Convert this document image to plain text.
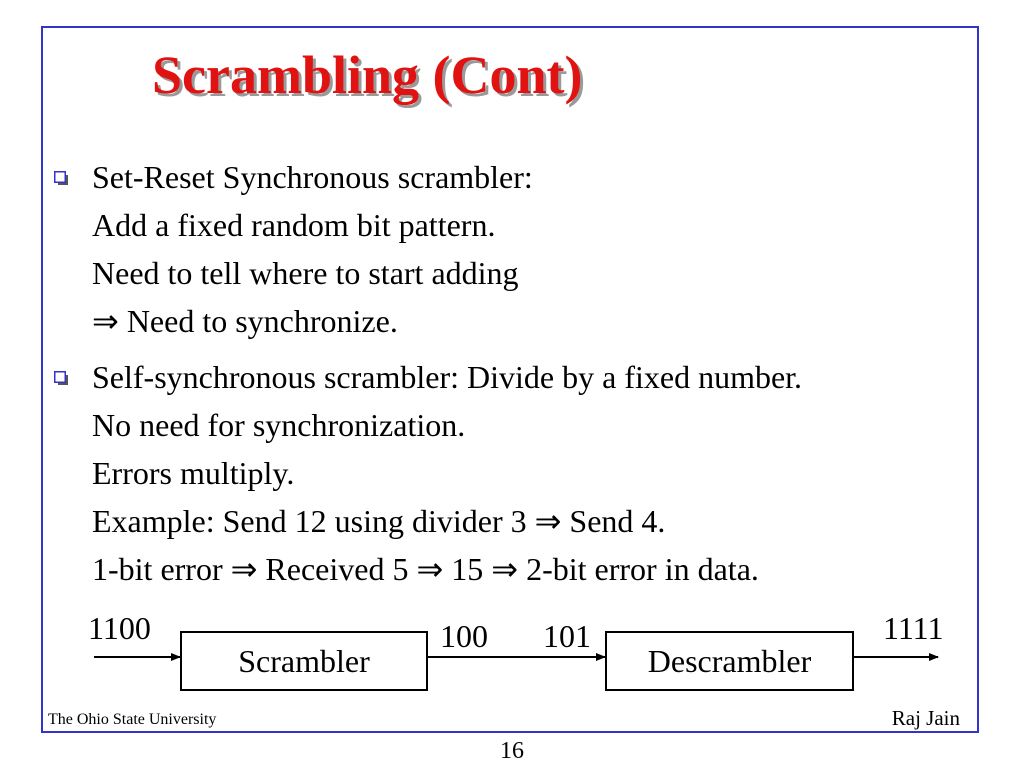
Scrambling (Cont)
Set-Reset Synchronous scrambler:
Add a fixed random bit pattern.
Need to tell where to start adding
⇒ Need to synchronize.
Self-synchronous scrambler: Divide by a fixed number.
No need for synchronization.
Errors multiply.
Example: Send 12 using divider 3 ⇒ Send 4.
1-bit error ⇒ Received 5 ⇒ 15 ⇒ 2-bit error in data.
1100
Scrambler
100 101
Descrambler
1111
The Ohio State University	Raj Jain
16
